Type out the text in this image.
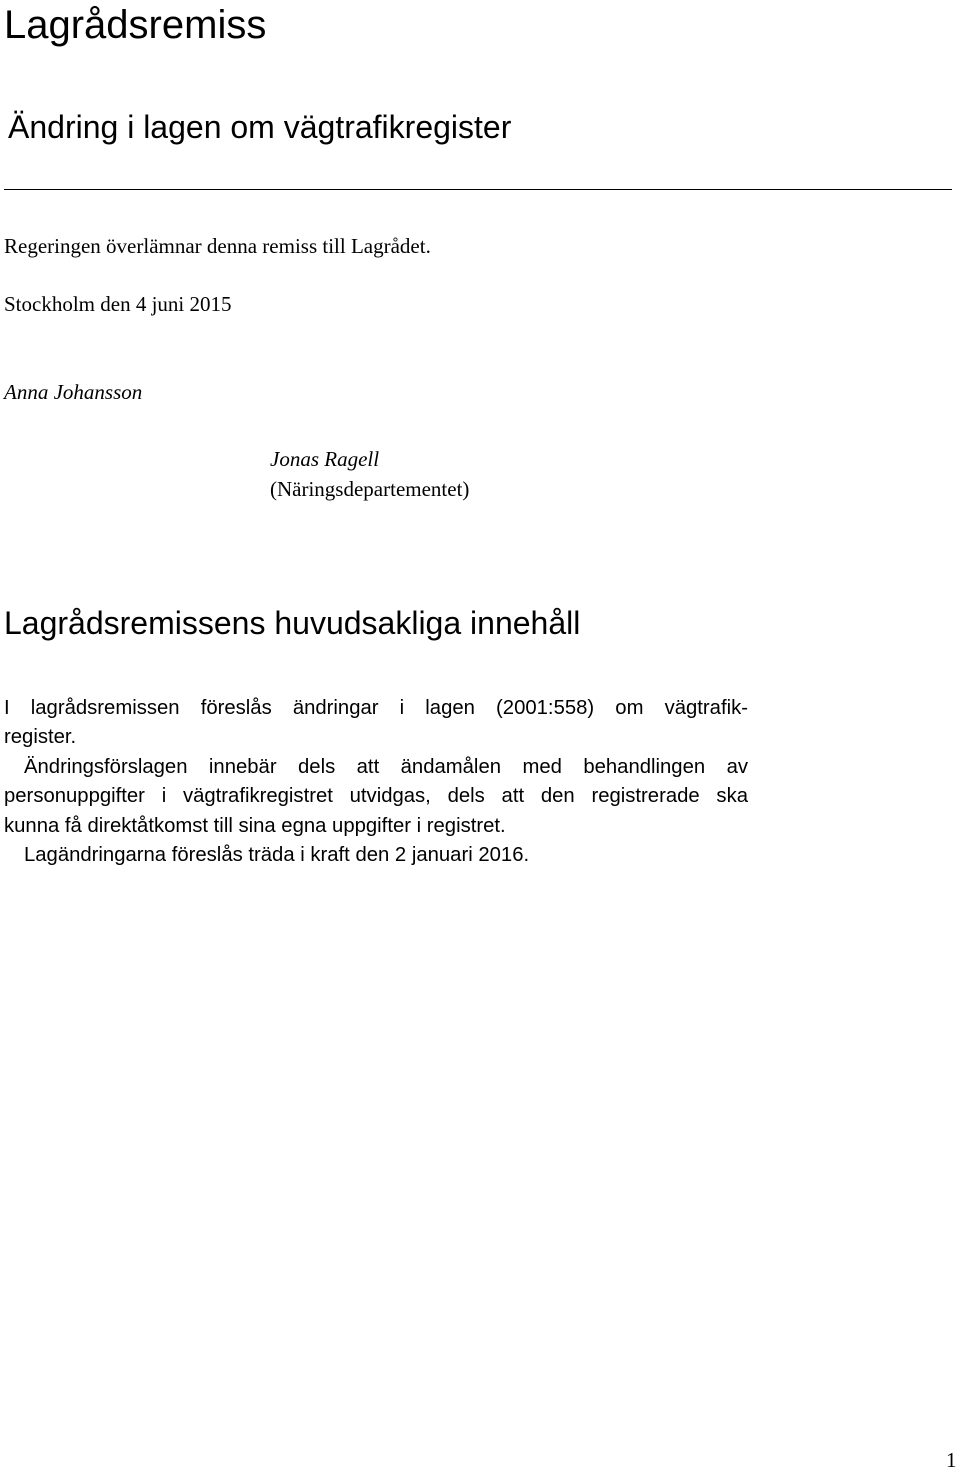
Lagrådsremiss
Ändring i lagen om vägtrafikregister
Regeringen överlämnar denna remiss till Lagrådet.
Stockholm den 4 juni 2015
Anna Johansson
Jonas Ragell
(Näringsdepartementet)
Lagrådsremissens huvudsakliga innehåll

I lagrådsremissen föreslås ändringar i lagen (2001:558) om vägtrafik-

register.

Ändringsförslagen innebär dels att ändamålen med behandlingen av

personuppgifter i vägtrafikregistret utvidgas, dels att den registrerade ska

kunna få direktåtkomst till sina egna uppgifter i registret.

Lagändringarna föreslås träda i kraft den 2 januari 2016.

1
